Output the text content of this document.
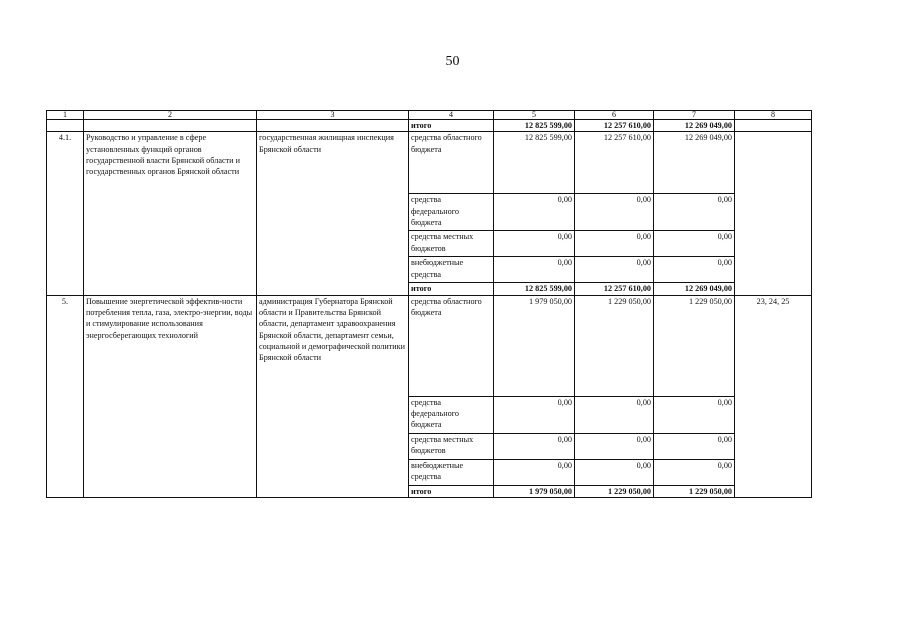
50
1	2	3	4	5	6	7	8
			итого	12 825 599,00	12 257 610,00	12 269 049,00	
4.1.	Руководство и управление в сфере установленных функций органов государственной власти Брянской области и государственных органов Брянской области	государственная жилищная инспекция Брянской области	средства областного бюджета	12 825 599,00	12 257 610,00	12 269 049,00	
			средства федерального бюджета	0,00	0,00	0,00	
			средства местных бюджетов	0,00	0,00	0,00	
			внебюджетные средства	0,00	0,00	0,00	
			итого	12 825 599,00	12 257 610,00	12 269 049,00	
5.	Повышение энергетической эффектив-ности потребления тепла, газа, электро-энергии, воды и стимулирование использования энергосберегающих технологий	администрация Губернатора Брянской области и Правительства Брянской области, департамент здравоохранения Брянской области, департамент семьи, социальной и демографической политики Брянской области	средства областного бюджета	1 979 050,00	1 229 050,00	1 229 050,00	23, 24, 25
			средства федерального бюджета	0,00	0,00	0,00	
			средства местных бюджетов	0,00	0,00	0,00	
			внебюджетные средства	0,00	0,00	0,00	
			итого	1 979 050,00	1 229 050,00	1 229 050,00	
